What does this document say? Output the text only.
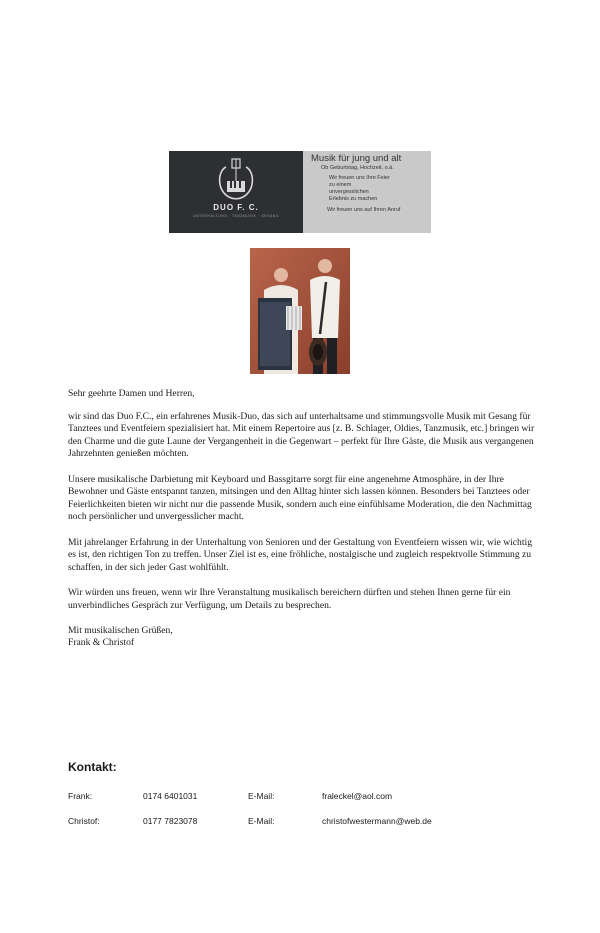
DUO F. C.
UNTERHALTUNG · TANZMUSIK · GESANG
Musik für jung und alt
Ob Geburtstag, Hochzeit, o.ä.
Wir freuen uns Ihre Feier
zu einem
unvergesslichen
Erlebnis zu machen
Wir freuen uns auf Ihren Anruf

Sehr geehrte Damen und Herren,

wir sind das Duo F.C., ein erfahrenes Musik-Duo, das sich auf unterhaltsame und stimmungsvolle Musik mit Gesang für Tanztees und Eventfeiern spezialisiert hat. Mit einem Repertoire aus [z. B. Schlager, Oldies, Tanzmusik, etc.] bringen wir den Charme und die gute Laune der Vergangenheit in die Gegenwart – perfekt für Ihre Gäste, die Musik aus vergangenen Jahrzehnten genießen möchten.

Unsere musikalische Darbietung mit Keyboard und Bassgitarre sorgt für eine angenehme Atmosphäre, in der Ihre Bewohner und Gäste entspannt tanzen, mitsingen und den Alltag hinter sich lassen können. Besonders bei Tanztees oder Feierlichkeiten bieten wir nicht nur die passende Musik, sondern auch eine einfühlsame Moderation, die den Nachmittag noch persönlicher und unvergesslicher macht.

Mit jahrelanger Erfahrung in der Unterhaltung von Senioren und der Gestaltung von Eventfeiern wissen wir, wie wichtig es ist, den richtigen Ton zu treffen. Unser Ziel ist es, eine fröhliche, nostalgische und zugleich respektvolle Stimmung zu schaffen, in der sich jeder Gast wohlfühlt.

Wir würden uns freuen, wenn wir Ihre Veranstaltung musikalisch bereichern dürften und stehen Ihnen gerne für ein unverbindliches Gespräch zur Verfügung, um Details zu besprechen.

Mit musikalischen Grüßen,

Frank & Christof

Kontakt:
Frank:	0174 6401031	E-Mail:	fraleckel@aol.com
Christof:	0177 7823078	E-Mail:	christofwestermann@web.de
